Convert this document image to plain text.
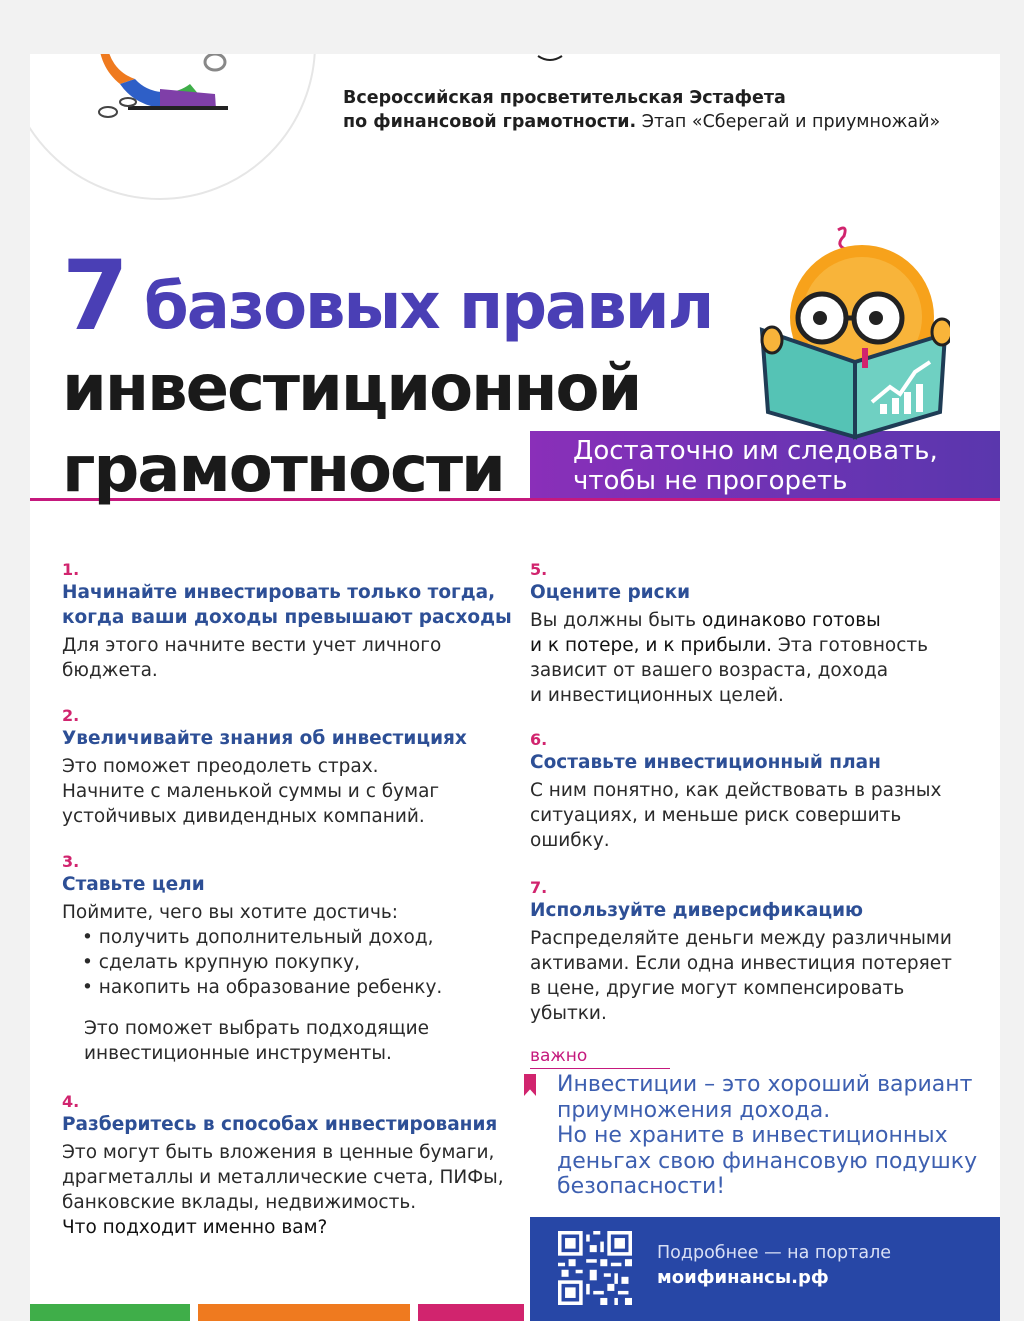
Всероссийская просветительская Эстафета
по финансовой грамотности. Этап «Сберегай и приумножай»
7 базовых правил
инвестиционной
грамотности	Достаточно им следовать,
чтобы не прогореть
1.
Начинайте инвестировать только тогда,
когда ваши доходы превышают расходы
Для этого начните вести учет личного
бюджета.
2.
Увеличивайте знания об инвестициях
Это поможет преодолеть страх.
Начните с маленькой суммы и с бумаг
устойчивых дивидендных компаний.
3.
Ставьте цели
Поймите, чего вы хотите достичь:
• получить дополнительный доход,
• сделать крупную покупку,
• накопить на образование ребенку.
Это поможет выбрать подходящие
инвестиционные инструменты.
4.
Разберитесь в способах инвестирования
Это могут быть вложения в ценные бумаги,
драгметаллы и металлические счета, ПИФы,
банковские вклады, недвижимость.
Что подходит именно вам?
5.
Оцените риски
Вы должны быть одинаково готовы
и к потере, и к прибыли. Эта готовность
зависит от вашего возраста, дохода
и инвестиционных целей.
6.
Составьте инвестиционный план
С ним понятно, как действовать в разных
ситуациях, и меньше риск совершить
ошибку.
7.
Используйте диверсификацию
Распределяйте деньги между различными
активами. Если одна инвестиция потеряет
в цене, другие могут компенсировать
убытки.
важно
Инвестиции – это хороший вариант
приумножения дохода.
Но не храните в инвестиционных
деньгах свою финансовую подушку
безопасности!
Подробнее — на портале
моифинансы.рф
